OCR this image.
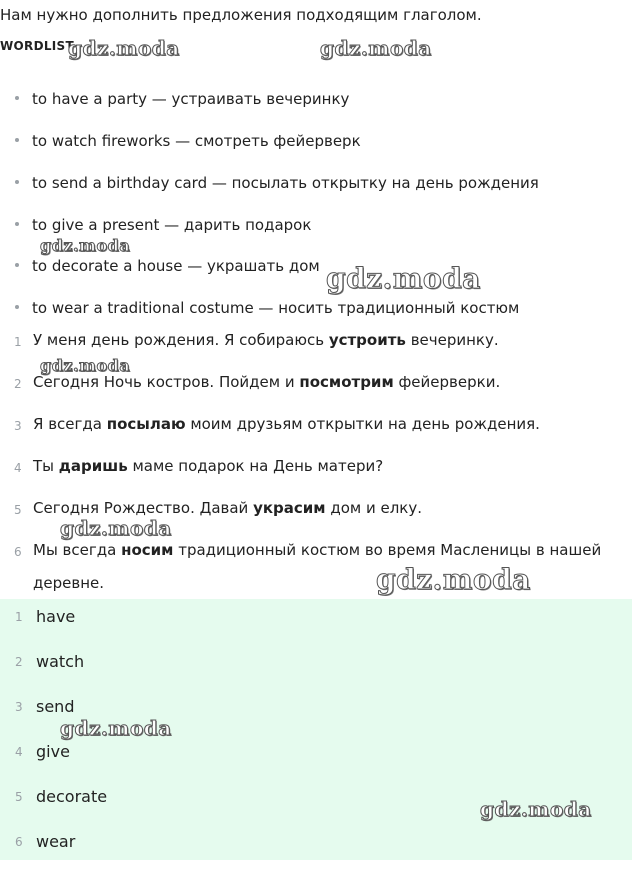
Нам нужно дополнить предложения подходящим глаголом.
WORDLIST
to have a party — устраивать вечеринку
to watch fireworks — смотреть фейерверк
to send a birthday card — посылать открытку на день рождения
to give a present — дарить подарок
to decorate a house — украшать дом
to wear a traditional costume — носить традиционный костюм
1 У меня день рождения. Я собираюсь устроить вечеринку.
2 Сегодня Ночь костров. Пойдем и посмотрим фейерверки.
3 Я всегда посылаю моим друзьям открытки на день рождения.
4 Ты даришь маме подарок на День матери?
5 Сегодня Рождество. Давай украсим дом и елку.
6 Мы всегда носим традиционный костюм во время Масленицы в нашей
деревне.
1 have
2 watch
3 send
4 give
5 decorate
6 wear
gdz.moda	gdz.moda
gdz.moda
gdz.moda
gdz.moda
gdz.moda
gdz.moda
gdz.moda
gdz.moda
